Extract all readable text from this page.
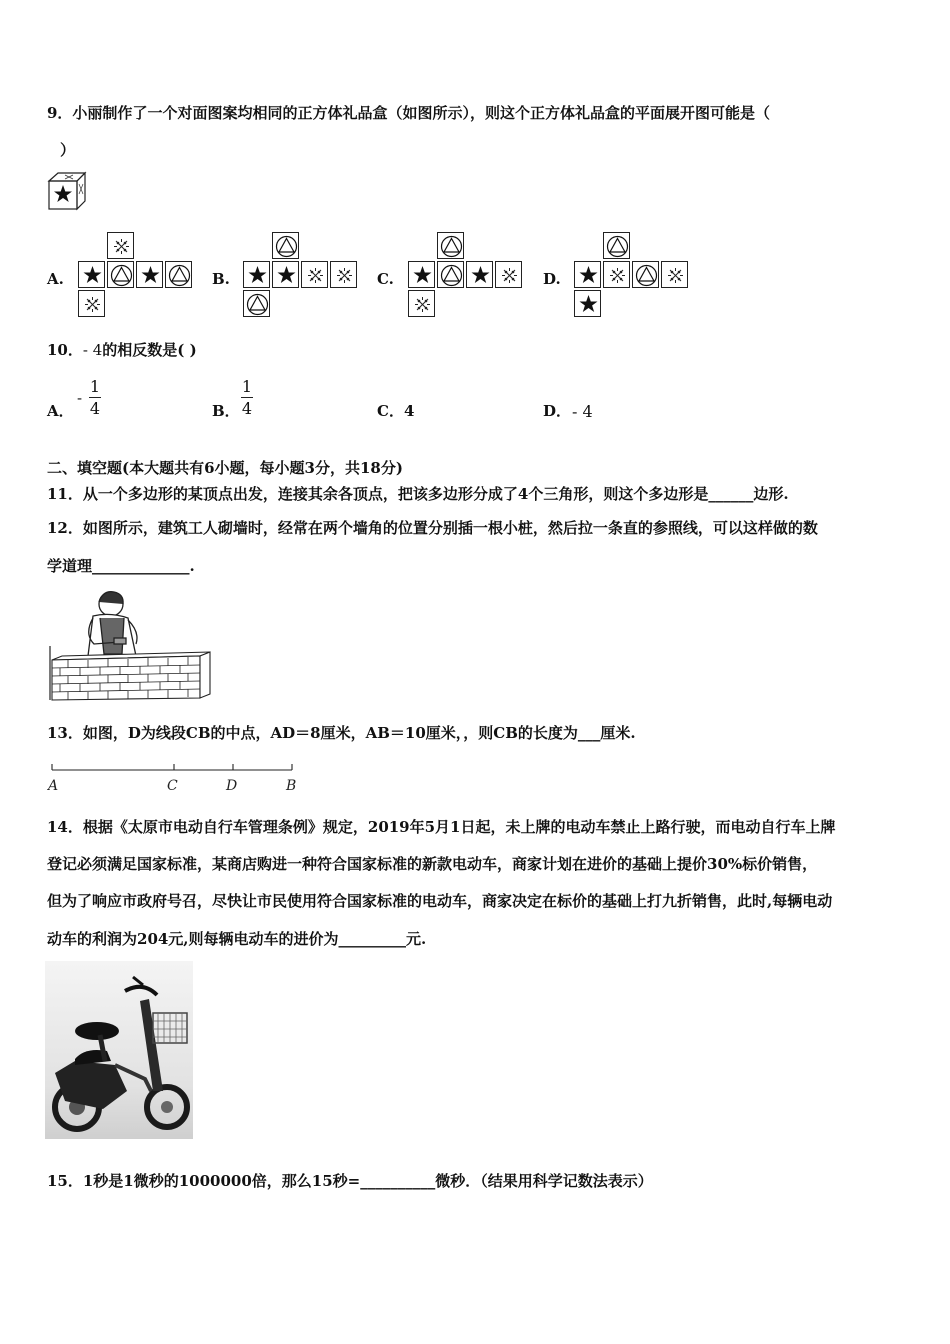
9．小丽制作了一个对面图案均相同的正方体礼品盒（如图所示），则这个正方体礼品盒的平面展开图可能是（
）
A.	B.	C.	D.
10．- 4的相反数是( )
A．
-
1
4	B．
1
4	C．4	D． - 4
二、填空题(本大题共有6小题，每小题3分，共18分)
11．从一个多边形的某顶点出发，连接其余各顶点，把该多边形分成了4个三角形，则这个多边形是______边形.
12．如图所示，建筑工人砌墙时，经常在两个墙角的位置分别插一根小桩，然后拉一条直的参照线，可以这样做的数
学道理_____________.
13．如图，D为线段CB的中点，AD＝8厘米，AB＝10厘米，，则CB的长度为___厘米.
A	C	D	B
14．根据《太原市电动自行车管理条例》规定，2019年5月1日起，未上牌的电动车禁止上路行驶，而电动自行车上牌
登记必须满足国家标准，某商店购进一种符合国家标准的新款电动车，商家计划在进价的基础上提价30%标价销售，
但为了响应市政府号召，尽快让市民使用符合国家标准的电动车，商家决定在标价的基础上打九折销售，此时,每辆电动
动车的利润为204元,则每辆电动车的进价为_________元.
15．1秒是1微秒的1000000倍，那么15秒=__________微秒．（结果用科学记数法表示）
